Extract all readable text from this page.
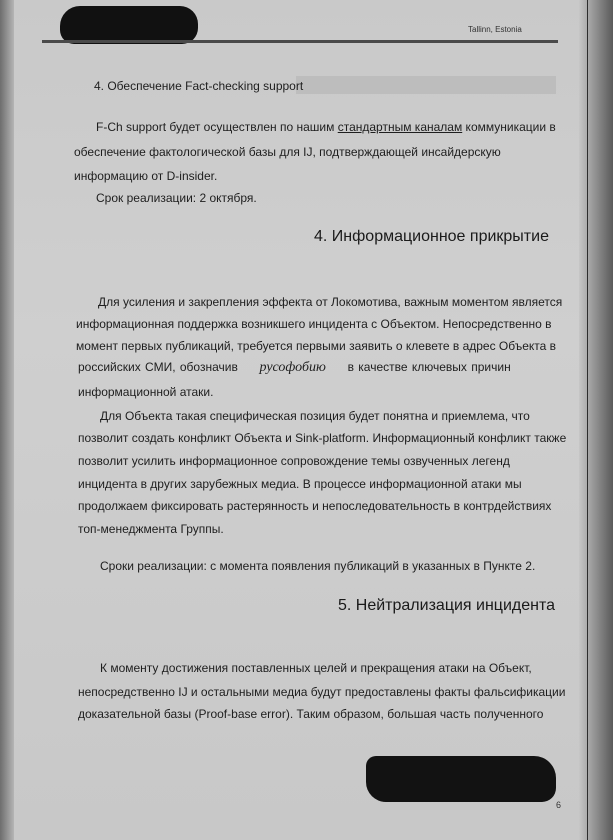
Tallinn, Estonia
4. Обеспечение Fact-checking support
F-Ch support будет осуществлен по нашим стандартным каналам коммуникации в
обеспечение фактологической базы для IJ, подтверждающей инсайдерскую
информацию от D-insider.
Срок реализации: 2 октября.
4. Информационное прикрытие
Для усиления и закрепления эффекта от Локомотива, важным моментом является
информационная поддержка возникшего инцидента с Объектом. Непосредственно в
момент первых публикаций, требуется первыми заявить о клевете в адрес Объекта в
российских СМИ, обозначив русофобию в качестве ключевых причин
информационной атаки.
Для Объекта такая специфическая позиция будет понятна и приемлема, что
позволит создать конфликт Объекта и Sink-platform. Информационный конфликт также
позволит усилить информационное сопровождение темы озвученных легенд
инцидента в других зарубежных медиа. В процессе информационной атаки мы
продолжаем фиксировать растерянность и непоследовательность в контрдействиях
топ-менеджмента Группы.
Сроки реализации: с момента появления публикаций в указанных в Пункте 2.
5. Нейтрализация инцидента
К моменту достижения поставленных целей и прекращения атаки на Объект,
непосредственно IJ и остальными медиа будут предоставлены факты фальсификации
доказательной базы (Proof-base error). Таким образом, большая часть полученного
6
